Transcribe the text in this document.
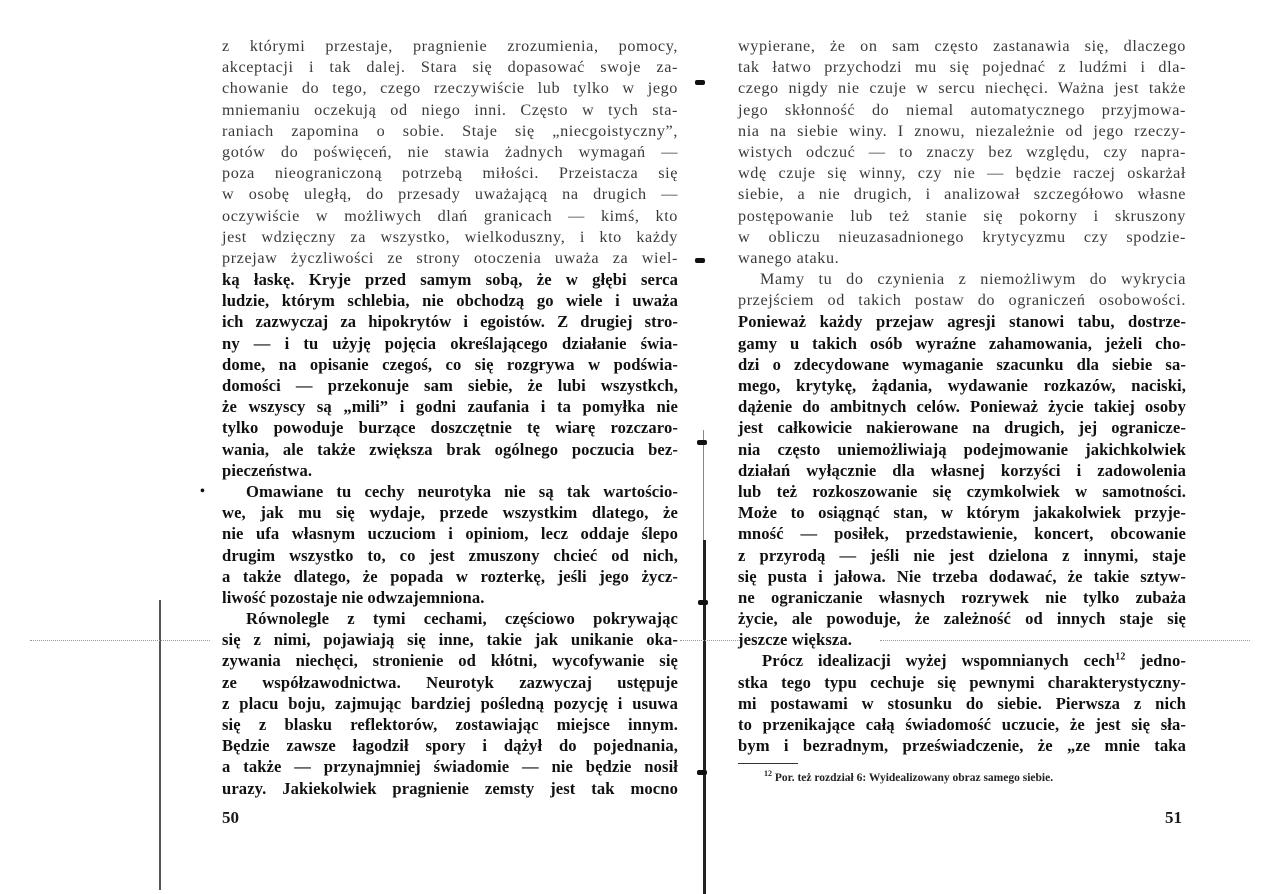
z którymi przestaje, pragnienie zrozumienia, pomocy,
akceptacji i tak dalej. Stara się dopasować swoje za-
chowanie do tego, czego rzeczywiście lub tylko w jego
mniemaniu oczekują od niego inni. Często w tych sta-
raniach zapomina o sobie. Staje się „niecgoistyczny”,
gotów do poświęceń, nie stawia żadnych wymagań —
poza nieograniczoną potrzebą miłości. Przeistacza się
w osobę uległą, do przesady uważającą na drugich —
oczywiście w możliwych dlań granicach — kimś, kto
jest wdzięczny za wszystko, wielkoduszny, i kto każdy
przejaw życzliwości ze strony otoczenia uważa za wiel-
ką łaskę. Kryje przed samym sobą, że w głębi serca
ludzie, którym schlebia, nie obchodzą go wiele i uważa
ich zazwyczaj za hipokrytów i egoistów. Z drugiej stro-
ny — i tu użyję pojęcia określającego działanie świa-
dome, na opisanie czegoś, co się rozgrywa w podświa-
domości — przekonuje sam siebie, że lubi wszystkch,
że wszyscy są „mili” i godni zaufania i ta pomyłka nie
tylko powoduje burzące doszczętnie tę wiarę rozczaro-
wania, ale także zwiększa brak ogólnego poczucia bez-
pieczeństwa.
• Omawiane tu cechy neurotyka nie są tak wartościo-
we, jak mu się wydaje, przede wszystkim dlatego, że
nie ufa własnym uczuciom i opiniom, lecz oddaje ślepo
drugim wszystko to, co jest zmuszony chcieć od nich,
a także dlatego, że popada w rozterkę, jeśli jego życz-
liwość pozostaje nie odwzajemniona.
Równolegle z tymi cechami, częściowo pokrywając
się z nimi, pojawiają się inne, takie jak unikanie oka-
zywania niechęci, stronienie od kłótni, wycofywanie się
ze współzawodnictwa. Neurotyk zazwyczaj ustępuje
z placu boju, zajmując bardziej pośledną pozycję i usuwa
się z blasku reflektorów, zostawiając miejsce innym.
Będzie zawsze łagodził spory i dążył do pojednania,
a także — przynajmniej świadomie — nie będzie nosił
urazy. Jakiekolwiek pragnienie zemsty jest tak mocno
50
wypierane, że on sam często zastanawia się, dlaczego
tak łatwo przychodzi mu się pojednać z ludźmi i dla-
czego nigdy nie czuje w sercu niechęci. Ważna jest także
jego skłonność do niemal automatycznego przyjmowa-
nia na siebie winy. I znowu, niezależnie od jego rzeczy-
wistych odczuć — to znaczy bez względu, czy napra-
wdę czuje się winny, czy nie — będzie raczej oskarżał
siebie, a nie drugich, i analizował szczegółowo własne
postępowanie lub też stanie się pokorny i skruszony
w obliczu nieuzasadnionego krytycyzmu czy spodzie-
wanego ataku.
Mamy tu do czynienia z niemożliwym do wykrycia
przejściem od takich postaw do ograniczeń osobowości.
Ponieważ każdy przejaw agresji stanowi tabu, dostrze-
gamy u takich osób wyraźne zahamowania, jeżeli cho-
dzi o zdecydowane wymaganie szacunku dla siebie sa-
mego, krytykę, żądania, wydawanie rozkazów, naciski,
dążenie do ambitnych celów. Ponieważ życie takiej osoby
jest całkowicie nakierowane na drugich, jej ogranicze-
nia często uniemożliwiają podejmowanie jakichkolwiek
działań wyłącznie dla własnej korzyści i zadowolenia
lub też rozkoszowanie się czymkolwiek w samotności.
Może to osiągnąć stan, w którym jakakolwiek przyje-
mność — posiłek, przedstawienie, koncert, obcowanie
z przyrodą — jeśli nie jest dzielona z innymi, staje
się pusta i jałowa. Nie trzeba dodawać, że takie sztyw-
ne ograniczanie własnych rozrywek nie tylko zubaża
życie, ale powoduje, że zależność od innych staje się
jeszcze większa.
Prócz idealizacji wyżej wspomnianych cech$^{12}$ jedno-
stka tego typu cechuje się pewnymi charakterystyczny-
mi postawami w stosunku do siebie. Pierwsza z nich
to przenikające całą świadomość uczucie, że jest się sła-
bym i bezradnym, przeświadczenie, że „ze mnie taka
$^{12}$ Por. też rozdział 6: Wyidealizowany obraz samego siebie.
51
